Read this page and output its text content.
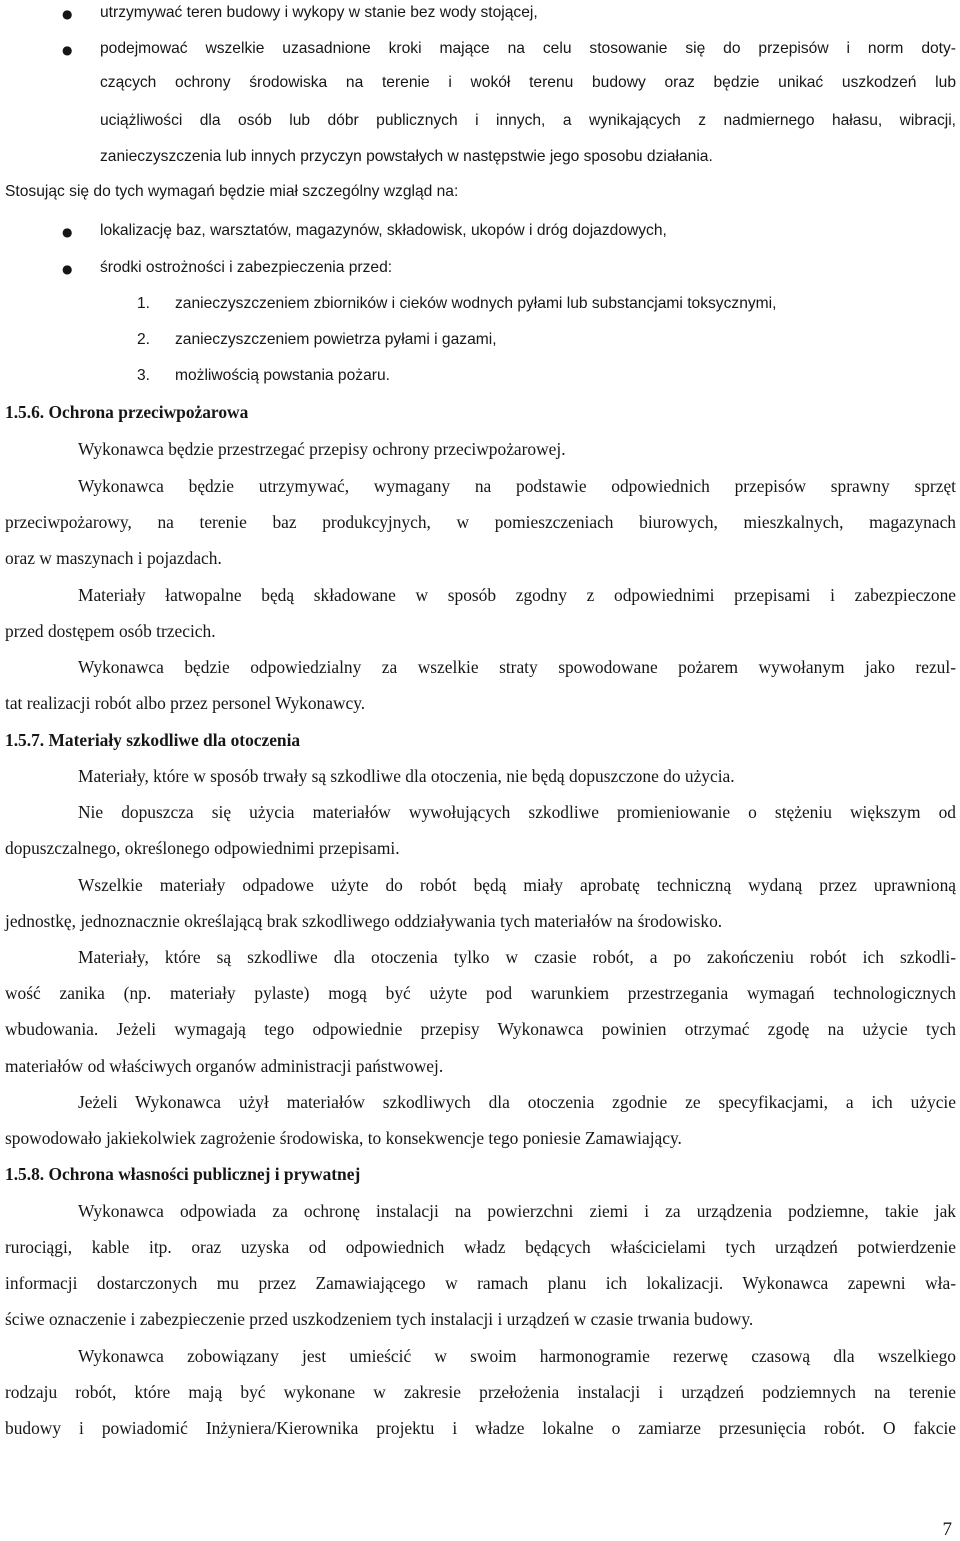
● utrzymywać teren budowy i wykopy w stanie bez wody stojącej,
● podejmować wszelkie uzasadnione kroki mające na celu stosowanie się do przepisów i norm doty-
czących ochrony środowiska na terenie i wokół terenu budowy oraz będzie unikać uszkodzeń lub
uciążliwości dla osób lub dóbr publicznych i innych, a wynikających z nadmiernego hałasu, wibracji,
zanieczyszczenia lub innych przyczyn powstałych w następstwie jego sposobu działania.
Stosując się do tych wymagań będzie miał szczególny wzgląd na:
● lokalizację baz, warsztatów, magazynów, składowisk, ukopów i dróg dojazdowych,
● środki ostrożności i zabezpieczenia przed:
1. zanieczyszczeniem zbiorników i cieków wodnych pyłami lub substancjami toksycznymi,
2. zanieczyszczeniem powietrza pyłami i gazami,
3. możliwością powstania pożaru.
1.5.6. Ochrona przeciwpożarowa
Wykonawca będzie przestrzegać przepisy ochrony przeciwpożarowej.
Wykonawca będzie utrzymywać, wymagany na podstawie odpowiednich przepisów sprawny sprzęt
przeciwpożarowy, na terenie baz produkcyjnych, w pomieszczeniach biurowych, mieszkalnych, magazynach
oraz w maszynach i pojazdach.
Materiały łatwopalne będą składowane w sposób zgodny z odpowiednimi przepisami i zabezpieczone
przed dostępem osób trzecich.
Wykonawca będzie odpowiedzialny za wszelkie straty spowodowane pożarem wywołanym jako rezul-
tat realizacji robót albo przez personel Wykonawcy.
1.5.7. Materiały szkodliwe dla otoczenia
Materiały, które w sposób trwały są szkodliwe dla otoczenia, nie będą dopuszczone do użycia.
Nie dopuszcza się użycia materiałów wywołujących szkodliwe promieniowanie o stężeniu większym od
dopuszczalnego, określonego odpowiednimi przepisami.
Wszelkie materiały odpadowe użyte do robót będą miały aprobatę techniczną wydaną przez uprawnioną
jednostkę, jednoznacznie określającą brak szkodliwego oddziaływania tych materiałów na środowisko.
Materiały, które są szkodliwe dla otoczenia tylko w czasie robót, a po zakończeniu robót ich szkodli-
wość zanika (np. materiały pylaste) mogą być użyte pod warunkiem przestrzegania wymagań technologicznych
wbudowania. Jeżeli wymagają tego odpowiednie przepisy Wykonawca powinien otrzymać zgodę na użycie tych
materiałów od właściwych organów administracji państwowej.
Jeżeli Wykonawca użył materiałów szkodliwych dla otoczenia zgodnie ze specyfikacjami, a ich użycie
spowodowało jakiekolwiek zagrożenie środowiska, to konsekwencje tego poniesie Zamawiający.
1.5.8. Ochrona własności publicznej i prywatnej
Wykonawca odpowiada za ochronę instalacji na powierzchni ziemi i za urządzenia podziemne, takie jak
rurociągi, kable itp. oraz uzyska od odpowiednich władz będących właścicielami tych urządzeń potwierdzenie
informacji dostarczonych mu przez Zamawiającego w ramach planu ich lokalizacji. Wykonawca zapewni wła-
ściwe oznaczenie i zabezpieczenie przed uszkodzeniem tych instalacji i urządzeń w czasie trwania budowy.
Wykonawca zobowiązany jest umieścić w swoim harmonogramie rezerwę czasową dla wszelkiego
rodzaju robót, które mają być wykonane w zakresie przełożenia instalacji i urządzeń podziemnych na terenie
budowy i powiadomić Inżyniera/Kierownika projektu i władze lokalne o zamiarze przesunięcia robót. O fakcie
7
